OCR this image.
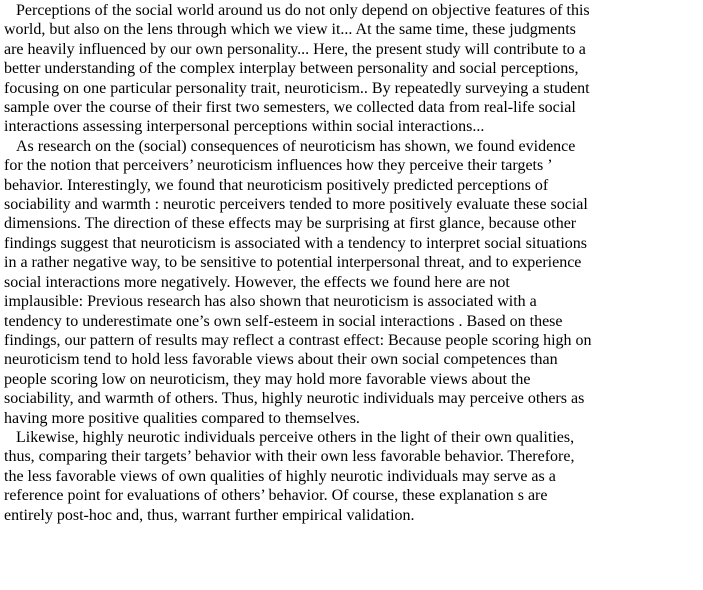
Perceptions of the social world around us do not only depend on objective features of this
world, but also on the lens through which we view it... At the same time, these judgments
are heavily influenced by our own personality... Here, the present study will contribute to a
better understanding of the complex interplay between personality and social perceptions,
focusing on one particular personality trait, neuroticism.. By repeatedly surveying a student
sample over the course of their first two semesters, we collected data from real-life social
interactions assessing interpersonal perceptions within social interactions...

As research on the (social) consequences of neuroticism has shown, we found evidence
for the notion that perceivers’ neuroticism influences how they perceive their targets ’
behavior. Interestingly, we found that neuroticism positively predicted perceptions of
sociability and warmth : neurotic perceivers tended to more positively evaluate these social
dimensions. The direction of these effects may be surprising at first glance, because other
findings suggest that neuroticism is associated with a tendency to interpret social situations
in a rather negative way, to be sensitive to potential interpersonal threat, and to experience
social interactions more negatively. However, the effects we found here are not
implausible: Previous research has also shown that neuroticism is associated with a
tendency to underestimate one’s own self-esteem in social interactions . Based on these
findings, our pattern of results may reflect a contrast effect: Because people scoring high on
neuroticism tend to hold less favorable views about their own social competences than
people scoring low on neuroticism, they may hold more favorable views about the
sociability, and warmth of others. Thus, highly neurotic individuals may perceive others as
having more positive qualities compared to themselves.

Likewise, highly neurotic individuals perceive others in the light of their own qualities,
thus, comparing their targets’ behavior with their own less favorable behavior. Therefore,
the less favorable views of own qualities of highly neurotic individuals may serve as a
reference point for evaluations of others’ behavior. Of course, these explanation s are
entirely post-hoc and, thus, warrant further empirical validation.
